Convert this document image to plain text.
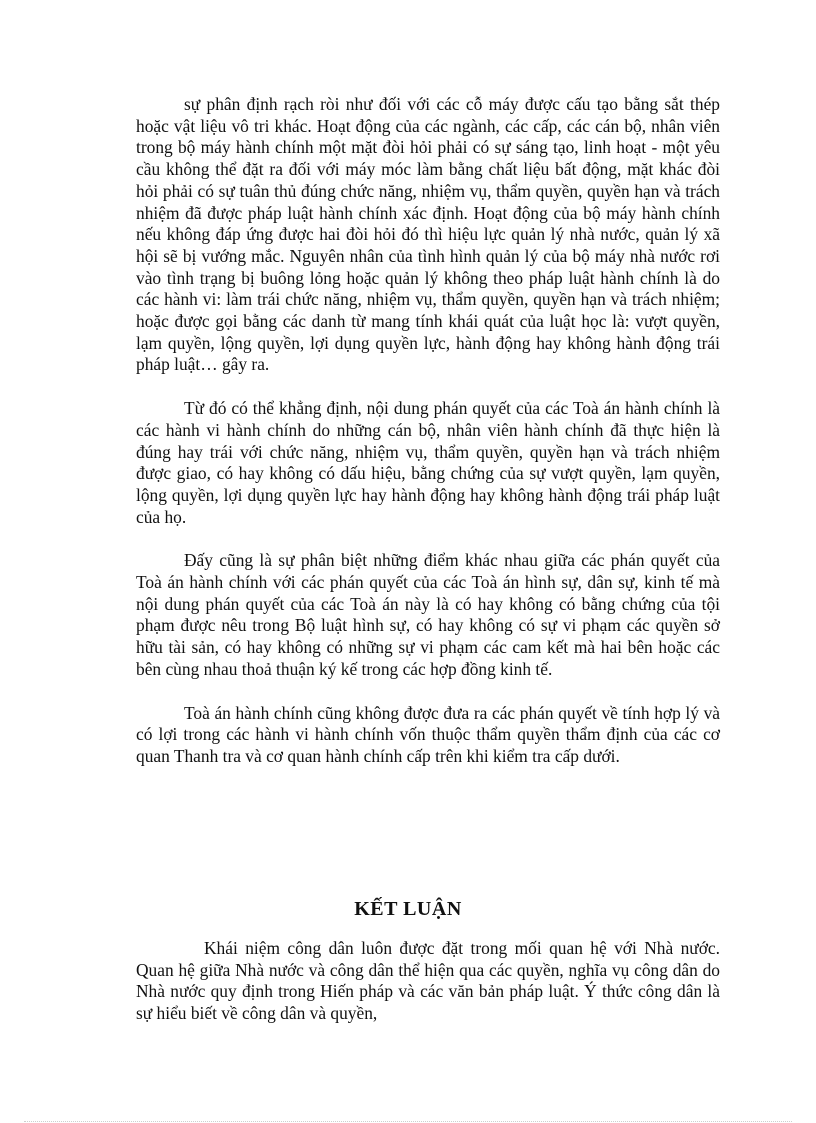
sự phân định rạch ròi như đối với các cỗ máy được cấu tạo bằng sắt thép hoặc vật liệu vô tri khác. Hoạt động của các ngành, các cấp, các cán bộ, nhân viên trong bộ máy hành chính một mặt đòi hỏi phải có sự sáng tạo, linh hoạt - một yêu cầu không thể đặt ra đối với máy móc làm bằng chất liệu bất động, mặt khác đòi hỏi phải có sự tuân thủ đúng chức năng, nhiệm vụ, thẩm quyền, quyền hạn và trách nhiệm đã được pháp luật hành chính xác định. Hoạt động của bộ máy hành chính nếu không đáp ứng được hai đòi hỏi đó thì hiệu lực quản lý nhà nước, quản lý xã hội sẽ bị vướng mắc. Nguyên nhân của tình hình quản lý của bộ máy nhà nước rơi vào tình trạng bị buông lỏng hoặc quản lý không theo pháp luật hành chính là do các hành vi: làm trái chức năng, nhiệm vụ, thẩm quyền, quyền hạn và trách nhiệm; hoặc được gọi bằng các danh từ mang tính khái quát của luật học là: vượt quyền, lạm quyền, lộng quyền, lợi dụng quyền lực, hành động hay không hành động trái pháp luật… gây ra.

Từ đó có thể khẳng định, nội dung phán quyết của các Toà án hành chính là các hành vi hành chính do những cán bộ, nhân viên hành chính đã thực hiện là đúng hay trái với chức năng, nhiệm vụ, thẩm quyền, quyền hạn và trách nhiệm được giao, có hay không có dấu hiệu, bằng chứng của sự vượt quyền, lạm quyền, lộng quyền, lợi dụng quyền lực hay hành động hay không hành động trái pháp luật của họ.

Đấy cũng là sự phân biệt những điểm khác nhau giữa các phán quyết của Toà án hành chính với các phán quyết của các Toà án hình sự, dân sự, kinh tế mà nội dung phán quyết của các Toà án này là có hay không có bằng chứng của tội phạm được nêu trong Bộ luật hình sự, có hay không có sự vi phạm các quyền sở hữu tài sản, có hay không có những sự vi phạm các cam kết mà hai bên hoặc các bên cùng nhau thoả thuận ký kế trong các hợp đồng kinh tế.

Toà án hành chính cũng không được đưa ra các phán quyết về tính hợp lý và có lợi trong các hành vi hành chính vốn thuộc thẩm quyền thẩm định của các cơ quan Thanh tra và cơ quan hành chính cấp trên khi kiểm tra cấp dưới.

KẾT LUẬN

Khái niệm công dân luôn được đặt trong mối quan hệ với Nhà nước. Quan hệ giữa Nhà nước và công dân thể hiện qua các quyền, nghĩa vụ công dân do Nhà nước quy định trong Hiến pháp và các văn bản pháp luật. Ý thức công dân là sự hiểu biết về công dân và quyền,
